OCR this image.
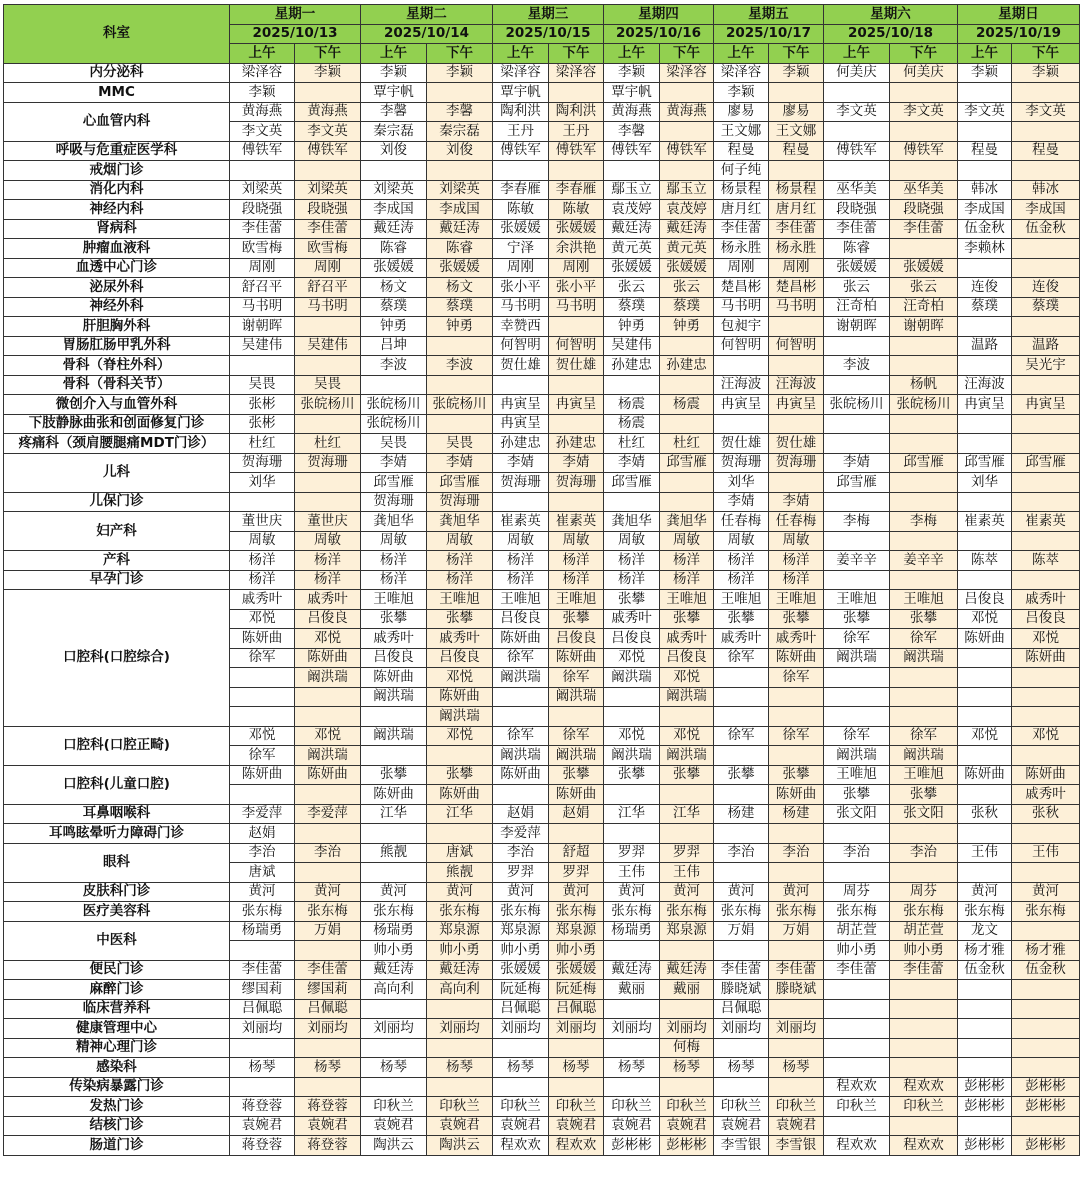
科室	星期一		星期二		星期三		星期四		星期五		星期六		星期日	
	2025/10/13		2025/10/14		2025/10/15		2025/10/16		2025/10/17		2025/10/18		2025/10/19	
	上午	下午	上午	下午	上午	下午	上午	下午	上午	下午	上午	下午	上午	下午
内分泌科	梁泽容	李颖	李颖	李颖	梁泽容	梁泽容	李颖	梁泽容	梁泽容	李颖	何美庆	何美庆	李颖	李颖
MMC	李颖		覃宇帆		覃宇帆		覃宇帆		李颖					
心血管内科	黄海燕	黄海燕	李馨	李馨	陶利洪	陶利洪	黄海燕	黄海燕	廖易	廖易	李文英	李文英	李文英	李文英
	李文英	李文英	秦宗磊	秦宗磊	王丹	王丹	李馨		王文娜	王文娜				
呼吸与危重症医学科	傅铁军	傅铁军	刘俊	刘俊	傅铁军	傅铁军	傅铁军	傅铁军	程曼	程曼	傅铁军	傅铁军	程曼	程曼
戒烟门诊									何子纯					
消化内科	刘梁英	刘梁英	刘梁英	刘梁英	李春雁	李春雁	鄢玉立	鄢玉立	杨景程	杨景程	巫华美	巫华美	韩冰	韩冰
神经内科	段晓强	段晓强	李成国	李成国	陈敏	陈敏	袁茂婷	袁茂婷	唐月红	唐月红	段晓强	段晓强	李成国	李成国
肾病科	李佳蕾	李佳蕾	戴廷涛	戴廷涛	张媛媛	张媛媛	戴廷涛	戴廷涛	李佳蕾	李佳蕾	李佳蕾	李佳蕾	伍金秋	伍金秋
肿瘤血液科	欧雪梅	欧雪梅	陈睿	陈睿	宁泽	余洪艳	黄元英	黄元英	杨永胜	杨永胜	陈睿		李赖林	
血透中心门诊	周刚	周刚	张媛媛	张媛媛	周刚	周刚	张媛媛	张媛媛	周刚	周刚	张媛媛	张媛媛		
泌尿外科	舒召平	舒召平	杨文	杨文	张小平	张小平	张云	张云	楚昌彬	楚昌彬	张云	张云	连俊	连俊
神经外科	马书明	马书明	蔡璞	蔡璞	马书明	马书明	蔡璞	蔡璞	马书明	马书明	汪奇柏	汪奇柏	蔡璞	蔡璞
肝胆胸外科	谢朝晖		钟勇	钟勇	幸赞西		钟勇	钟勇	包昶宇		谢朝晖	谢朝晖		
胃肠肛肠甲乳外科	吴建伟	吴建伟	吕坤		何智明	何智明	吴建伟		何智明	何智明			温路	温路
骨科（脊柱外科）			李波	李波	贺仕雄	贺仕雄	孙建忠	孙建忠			李波			吴光宇
骨科（骨科关节）	吴畏	吴畏							汪海波	汪海波		杨帆	汪海波	
微创介入与血管外科	张彬	张皖杨川	张皖杨川	张皖杨川	冉寅呈	冉寅呈	杨震	杨震	冉寅呈	冉寅呈	张皖杨川	张皖杨川	冉寅呈	冉寅呈
下肢静脉曲张和创面修复门诊	张彬		张皖杨川		冉寅呈		杨震							
疼痛科（颈肩腰腿痛MDT门诊）	杜红	杜红	吴畏	吴畏	孙建忠	孙建忠	杜红	杜红	贺仕雄	贺仕雄				
儿科	贺海珊	贺海珊	李婧	李婧	李婧	李婧	李婧	邱雪雁	贺海珊	贺海珊	李婧	邱雪雁	邱雪雁	邱雪雁
	刘华		邱雪雁	邱雪雁	贺海珊	贺海珊	邱雪雁		刘华		邱雪雁		刘华	
儿保门诊			贺海珊	贺海珊					李婧	李婧				
妇产科	董世庆	董世庆	龚旭华	龚旭华	崔素英	崔素英	龚旭华	龚旭华	任春梅	任春梅	李梅	李梅	崔素英	崔素英
	周敏	周敏	周敏	周敏	周敏	周敏	周敏	周敏	周敏	周敏				
产科	杨洋	杨洋	杨洋	杨洋	杨洋	杨洋	杨洋	杨洋	杨洋	杨洋	姜辛辛	姜辛辛	陈萃	陈萃
早孕门诊	杨洋	杨洋	杨洋	杨洋	杨洋	杨洋	杨洋	杨洋	杨洋	杨洋				
口腔科(口腔综合)	戚秀叶	戚秀叶	王唯旭	王唯旭	王唯旭	王唯旭	张攀	王唯旭	王唯旭	王唯旭	王唯旭	王唯旭	吕俊良	戚秀叶
	邓悦	吕俊良	张攀	张攀	吕俊良	张攀	戚秀叶	张攀	张攀	张攀	张攀	张攀	邓悦	吕俊良
	陈妍曲	邓悦	戚秀叶	戚秀叶	陈妍曲	吕俊良	吕俊良	戚秀叶	戚秀叶	戚秀叶	徐军	徐军	陈妍曲	邓悦
	徐军	陈妍曲	吕俊良	吕俊良	徐军	陈妍曲	邓悦	吕俊良	徐军	陈妍曲	阚洪瑞	阚洪瑞		陈妍曲
		阚洪瑞	陈妍曲	邓悦	阚洪瑞	徐军	阚洪瑞	邓悦		徐军				
			阚洪瑞	陈妍曲		阚洪瑞		阚洪瑞						
				阚洪瑞										
口腔科(口腔正畸)	邓悦	邓悦	阚洪瑞	邓悦	徐军	徐军	邓悦	邓悦	徐军	徐军	徐军	徐军	邓悦	邓悦
	徐军	阚洪瑞			阚洪瑞	阚洪瑞	阚洪瑞	阚洪瑞			阚洪瑞	阚洪瑞		
口腔科(儿童口腔)	陈妍曲	陈妍曲	张攀	张攀	陈妍曲	张攀	张攀	张攀	张攀	张攀	王唯旭	王唯旭	陈妍曲	陈妍曲
			陈妍曲	陈妍曲		陈妍曲				陈妍曲	张攀	张攀		戚秀叶
耳鼻咽喉科	李爱萍	李爱萍	江华	江华	赵娟	赵娟	江华	江华	杨建	杨建	张文阳	张文阳	张秋	张秋
耳鸣眩晕听力障碍门诊	赵娟				李爱萍									
眼科	李治	李治	熊靓	唐斌	李治	舒超	罗羿	罗羿	李治	李治	李治	李治	王伟	王伟
	唐斌			熊靓	罗羿	罗羿	王伟	王伟						
皮肤科门诊	黄河	黄河	黄河	黄河	黄河	黄河	黄河	黄河	黄河	黄河	周芬	周芬	黄河	黄河
医疗美容科	张东梅	张东梅	张东梅	张东梅	张东梅	张东梅	张东梅	张东梅	张东梅	张东梅	张东梅	张东梅	张东梅	张东梅
中医科	杨瑞勇	万娟	杨瑞勇	郑泉源	郑泉源	郑泉源	杨瑞勇	郑泉源	万娟	万娟	胡芷萱	胡芷萱	龙文	
			帅小勇	帅小勇	帅小勇	帅小勇					帅小勇	帅小勇	杨才雅	杨才雅
便民门诊	李佳蕾	李佳蕾	戴廷涛	戴廷涛	张媛媛	张媛媛	戴廷涛	戴廷涛	李佳蕾	李佳蕾	李佳蕾	李佳蕾	伍金秋	伍金秋
麻醉门诊	缪国莉	缪国莉	高向利	高向利	阮延梅	阮延梅	戴丽	戴丽	滕晓斌	滕晓斌				
临床营养科	吕佩聪	吕佩聪			吕佩聪	吕佩聪			吕佩聪					
健康管理中心	刘丽均	刘丽均	刘丽均	刘丽均	刘丽均	刘丽均	刘丽均	刘丽均	刘丽均	刘丽均				
精神心理门诊								何梅						
感染科	杨琴	杨琴	杨琴	杨琴	杨琴	杨琴	杨琴	杨琴	杨琴	杨琴				
传染病暴露门诊											程欢欢	程欢欢	彭彬彬	彭彬彬
发热门诊	蒋登蓉	蒋登蓉	印秋兰	印秋兰	印秋兰	印秋兰	印秋兰	印秋兰	印秋兰	印秋兰	印秋兰	印秋兰	彭彬彬	彭彬彬
结核门诊	袁婉君	袁婉君	袁婉君	袁婉君	袁婉君	袁婉君	袁婉君	袁婉君	袁婉君	袁婉君				
肠道门诊	蒋登蓉	蒋登蓉	陶洪云	陶洪云	程欢欢	程欢欢	彭彬彬	彭彬彬	李雪银	李雪银	程欢欢	程欢欢	彭彬彬	彭彬彬
